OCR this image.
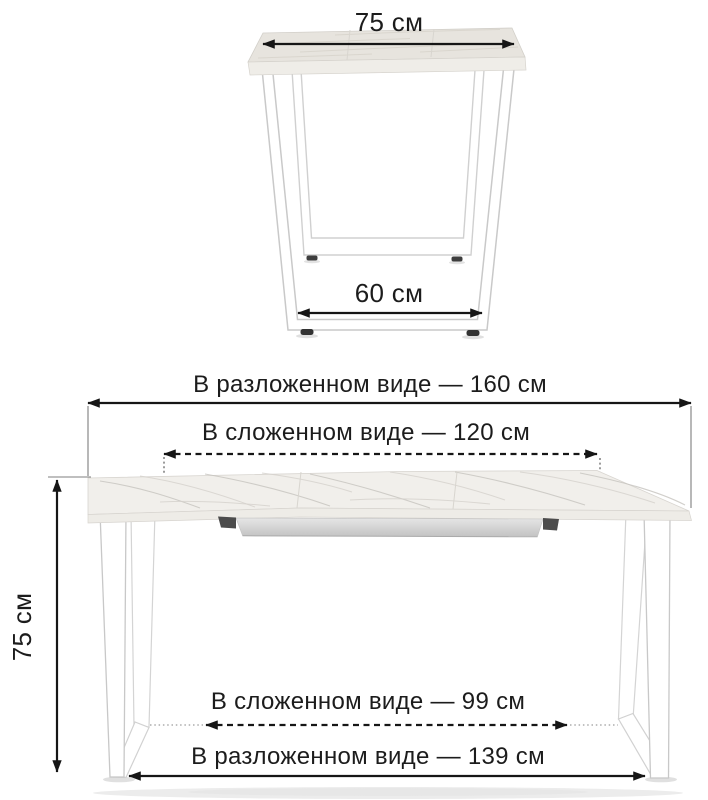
75 см
60 см
В разложенном виде — 160 см
В сложенном виде — 120 см
75 см
В сложенном виде — 99 см
В разложенном виде — 139 см
